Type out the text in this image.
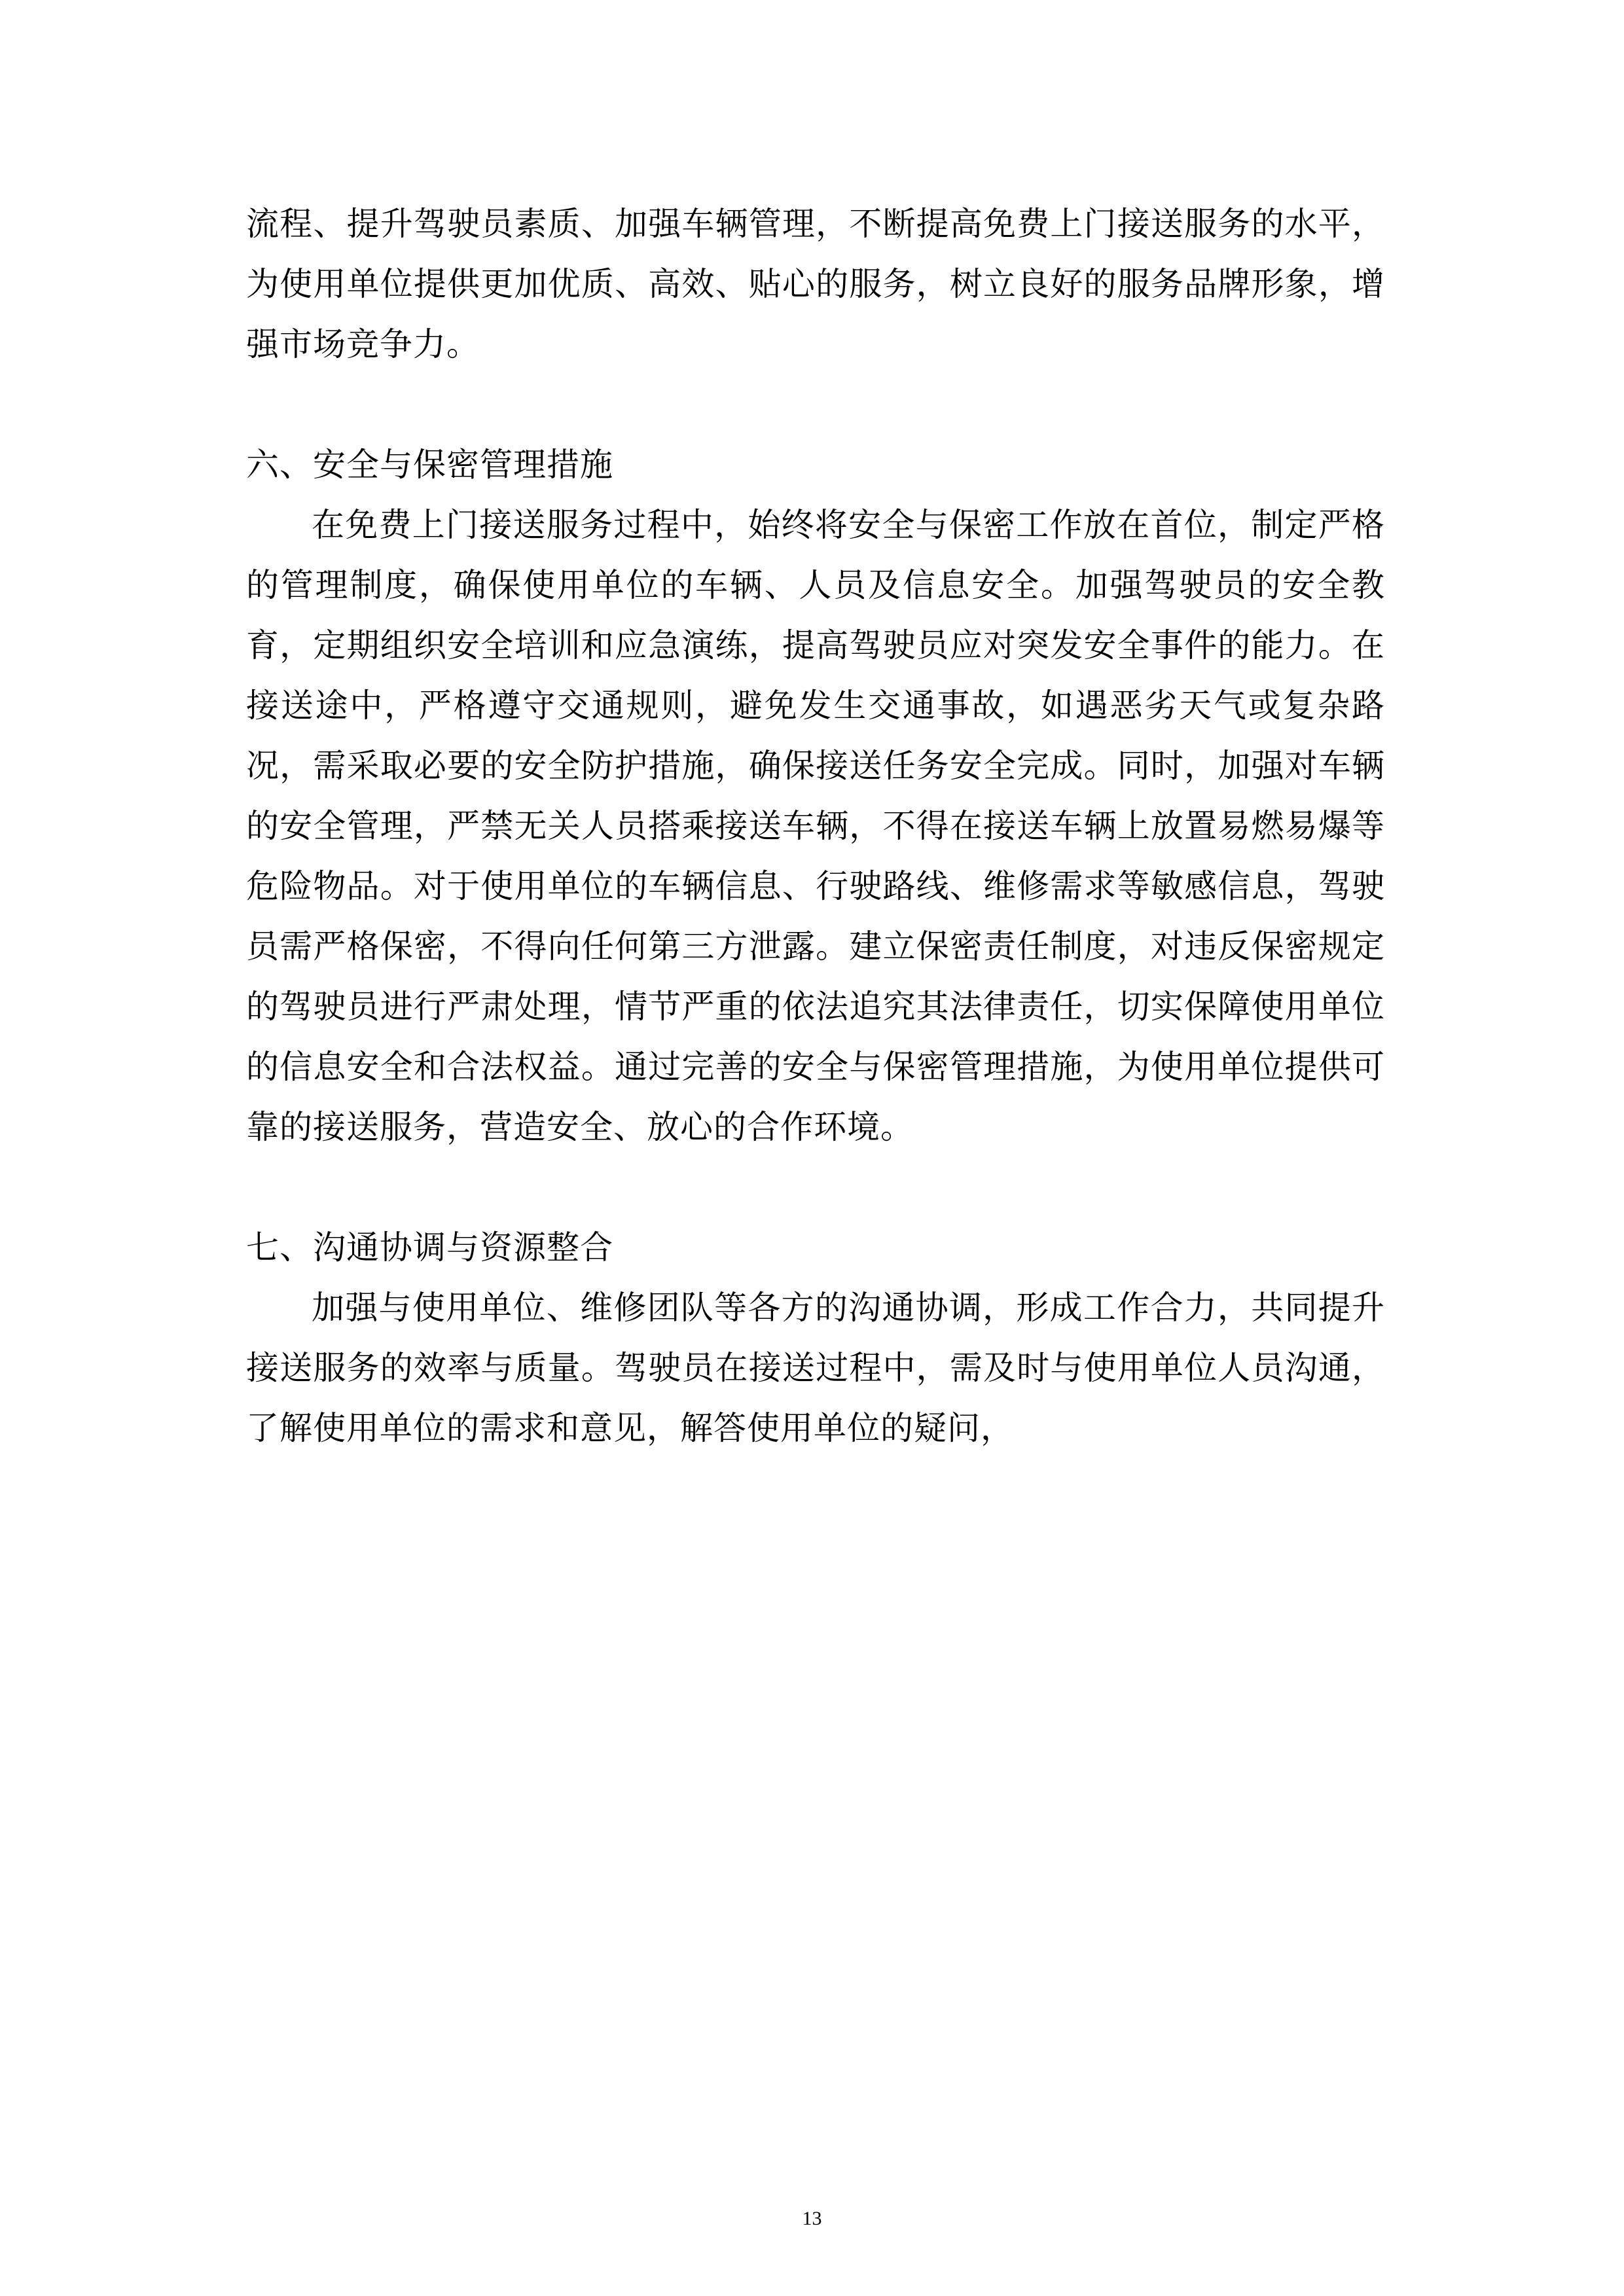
流程、提升驾驶员素质、加强车辆管理，不断提高免费上门接送服务的水平，为使用单位提供更加优质、高效、贴心的服务，树立良好的服务品牌形象，增强市场竞争力。

六、安全与保密管理措施

在免费上门接送服务过程中，始终将安全与保密工作放在首位，制定严格的管理制度，确保使用单位的车辆、人员及信息安全。加强驾驶员的安全教育，定期组织安全培训和应急演练，提高驾驶员应对突发安全事件的能力。在接送途中，严格遵守交通规则，避免发生交通事故，如遇恶劣天气或复杂路况，需采取必要的安全防护措施，确保接送任务安全完成。同时，加强对车辆的安全管理，严禁无关人员搭乘接送车辆，不得在接送车辆上放置易燃易爆等危险物品。对于使用单位的车辆信息、行驶路线、维修需求等敏感信息，驾驶员需严格保密，不得向任何第三方泄露。建立保密责任制度，对违反保密规定的驾驶员进行严肃处理，情节严重的依法追究其法律责任，切实保障使用单位的信息安全和合法权益。通过完善的安全与保密管理措施，为使用单位提供可靠的接送服务，营造安全、放心的合作环境。

七、沟通协调与资源整合

加强与使用单位、维修团队等各方的沟通协调，形成工作合力，共同提升接送服务的效率与质量。驾驶员在接送过程中，需及时与使用单位人员沟通，了解使用单位的需求和意见，解答使用单位的疑问，

13
